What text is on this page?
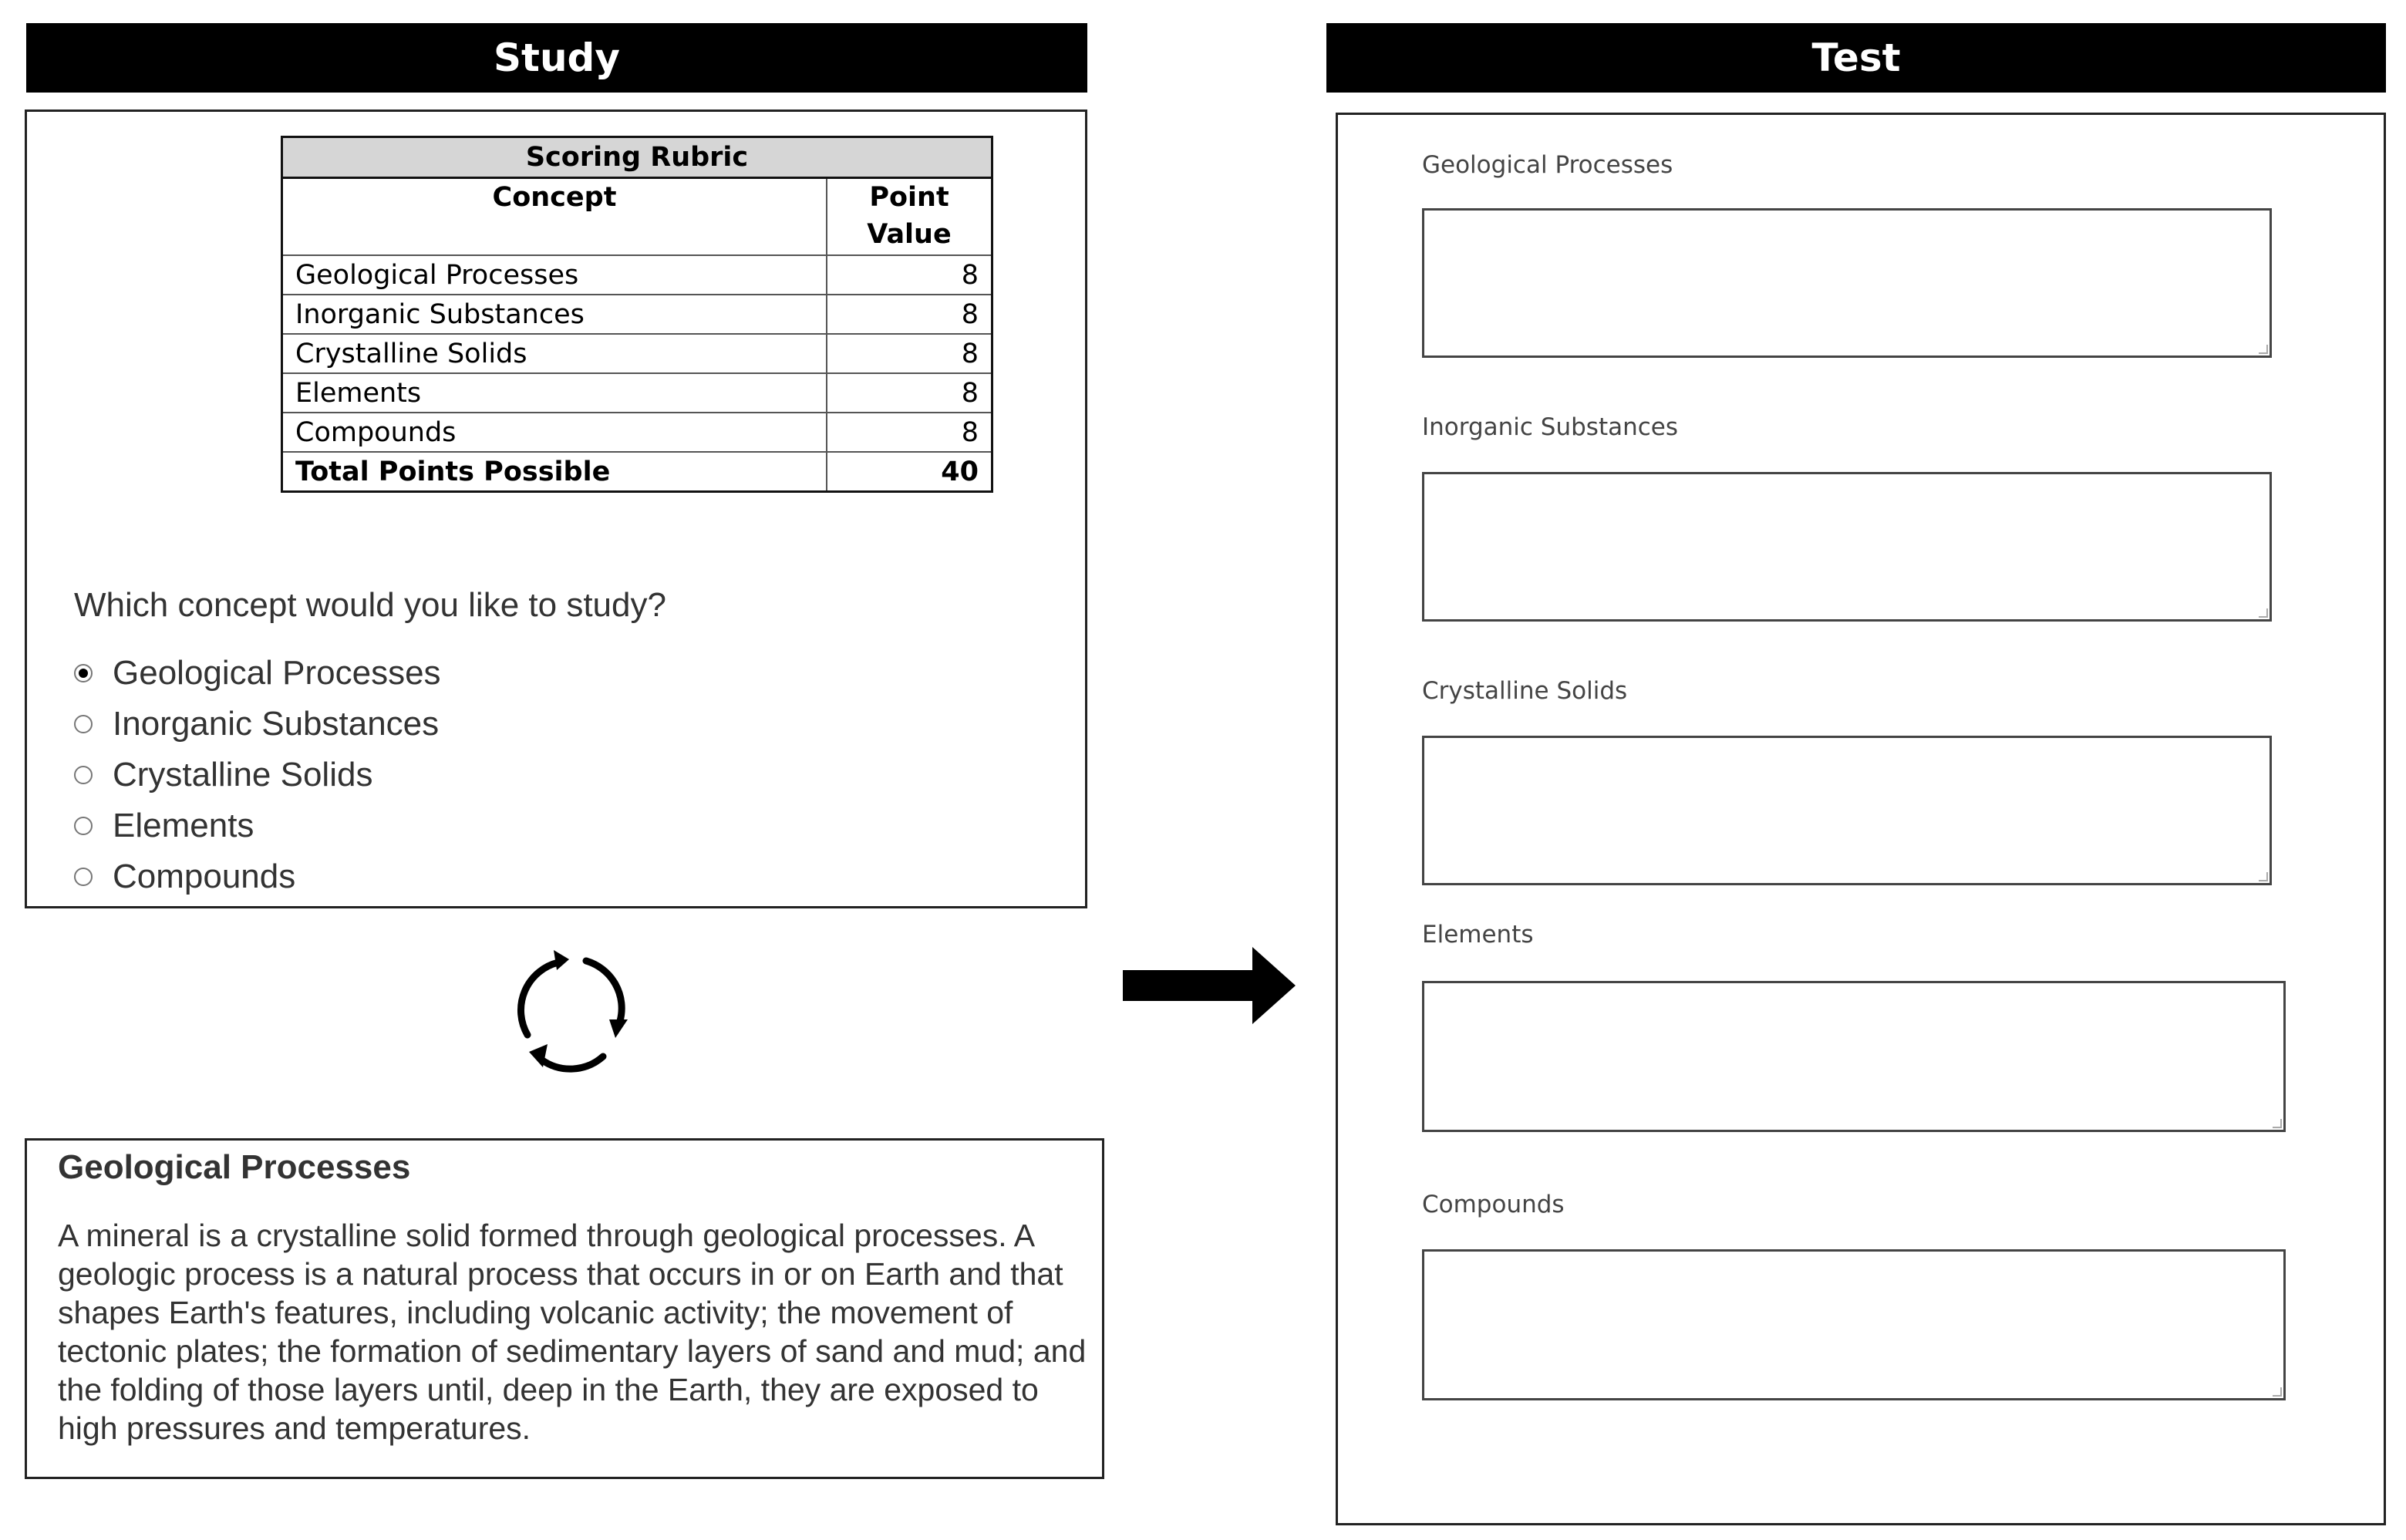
Study	Test
Scoring Rubric	
Concept	Point Value
Geological Processes	8
Inorganic Substances	8
Crystalline Solids	8
Elements	8
Compounds	8
Total Points Possible	40
Which concept would you like to study?
Geological Processes
Inorganic Substances
Crystalline Solids
Elements
Compounds
Geological Processes
A mineral is a crystalline solid formed through geological processes. A geologic process is a natural process that occurs in or on Earth and that shapes Earth's features, including volcanic activity; the movement of tectonic plates; the formation of sedimentary layers of sand and mud; and the folding of those layers until, deep in the Earth, they are exposed to high pressures and temperatures.
Geological Processes
Inorganic Substances
Crystalline Solids
Elements
Compounds
